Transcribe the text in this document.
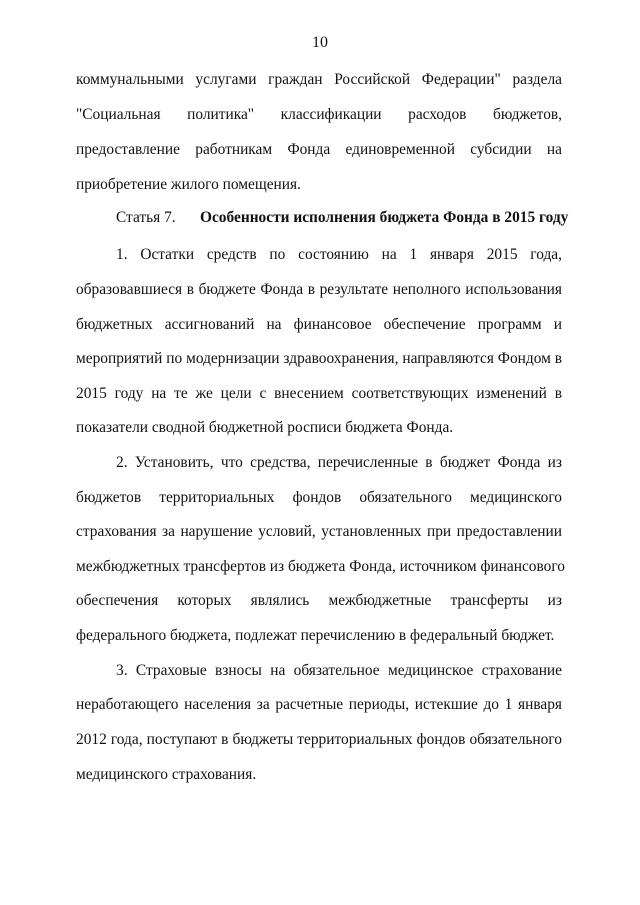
10
коммунальными услугами граждан Российской Федерации" раздела
"Социальная политика" классификации расходов бюджетов,
предоставление работникам Фонда единовременной субсидии на
приобретение жилого помещения.
Статья 7. Особенности исполнения бюджета Фонда в 2015 году
1. Остатки средств по состоянию на 1 января 2015 года,
образовавшиеся в бюджете Фонда в результате неполного использования
бюджетных ассигнований на финансовое обеспечение программ и
мероприятий по модернизации здравоохранения, направляются Фондом в
2015 году на те же цели с внесением соответствующих изменений в
показатели сводной бюджетной росписи бюджета Фонда.
2. Установить, что средства, перечисленные в бюджет Фонда из
бюджетов территориальных фондов обязательного медицинского
страхования за нарушение условий, установленных при предоставлении
межбюджетных трансфертов из бюджета Фонда, источником финансового
обеспечения которых являлись межбюджетные трансферты из
федерального бюджета, подлежат перечислению в федеральный бюджет.
3. Страховые взносы на обязательное медицинское страхование
неработающего населения за расчетные периоды, истекшие до 1 января
2012 года, поступают в бюджеты территориальных фондов обязательного
медицинского страхования.
